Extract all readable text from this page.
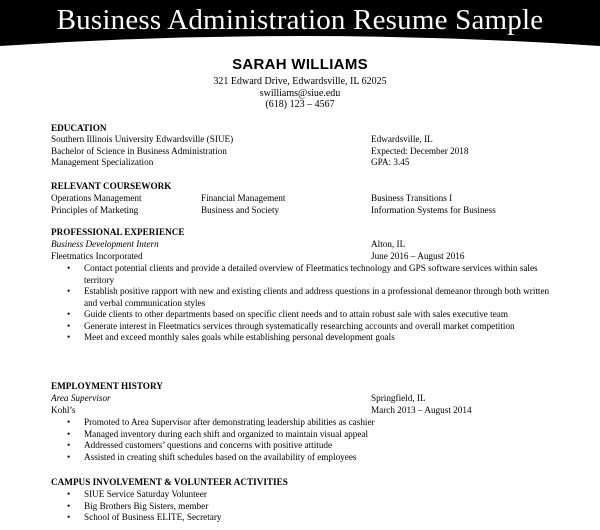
Business Administration Resume Sample
SARAH WILLIAMS
321 Edward Drive, Edwardsville, IL 62025
swilliams@siue.edu
(618) 123 – 4567
EDUCATION
Southern Illinois University Edwardsville (SIUE)	Edwardsville, IL
Bachelor of Science in Business Administration	Expected: December 2018
Management Specialization	GPA: 3.45
RELEVANT COURSEWORK
Operations Management	Financial Management	Business Transitions I
Principles of Marketing	Business and Society	Information Systems for Business
PROFESSIONAL EXPERIENCE
Business Development Intern	Alton, IL
Fleetmatics Incorporated	June 2016 – August 2016
• Contact potential clients and provide a detailed overview of Fleetmatics technology and GPS software services within sales territory
• Establish positive rapport with new and existing clients and address questions in a professional demeanor through both written and verbal communication styles
• Guide clients to other departments based on specific client needs and to attain robust sale with sales executive team
• Generate interest in Fleetmatics services through systematically researching accounts and overall market competition
• Meet and exceed monthly sales goals while establishing personal development goals
EMPLOYMENT HISTORY
Area Supervisor	Springfield, IL
Kohl’s	March 2013 – August 2014
• Promoted to Area Supervisor after demonstrating leadership abilities as cashier
• Managed inventory during each shift and organized to maintain visual appeal
• Addressed customers’ questions and concerns with positive attitude
• Assisted in creating shift schedules based on the availability of employees
CAMPUS INVOLVEMENT & VOLUNTEER ACTIVITIES
• SIUE Service Saturday Volunteer
• Big Brothers Big Sisters, member
• School of Business ELITE, Secretary
